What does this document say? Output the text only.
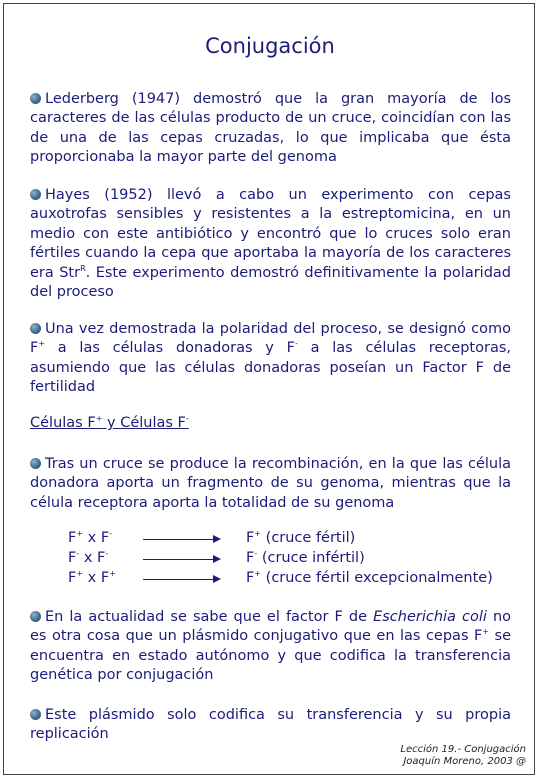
Conjugación
Lederberg (1947) demostró que la gran mayoría de los caracteres de las células producto de un cruce, coincidían con las de una de las cepas cruzadas, lo que implicaba que ésta proporcionaba la mayor parte del genoma
Hayes (1952) llevó a cabo un experimento con cepas auxotrofas sensibles y resistentes a la estreptomicina, en un medio con este antibiótico y encontró que lo cruces solo eran fértiles cuando la cepa que aportaba la mayoría de los caracteres era Str$^R$. Este experimento demostró definitivamente la polaridad del proceso
Una vez demostrada la polaridad del proceso, se designó como F+ a las células donadoras y F- a las células receptoras, asumiendo que las células donadoras poseían un Factor F de fertilidad
Células F+ y Células F-
Tras un cruce se produce la recombinación, en la que las célula donadora aporta un fragmento de su genoma, mientras que la célula receptora aporta la totalidad de su genoma
F+ x F-	F+ (cruce fértil)
F- x F-	F- (cruce infértil)
F+ x F+	F+ (cruce fértil excepcionalmente)
En la actualidad se sabe que el factor F de Escherichia coli no es otra cosa que un plásmido conjugativo que en las cepas F+ se encuentra en estado autónomo y que codifica la transferencia genética por conjugación
Este plásmido solo codifica su transferencia y su propia replicación
Lección 19.- Conjugación
Joaquín Moreno, 2003 @
